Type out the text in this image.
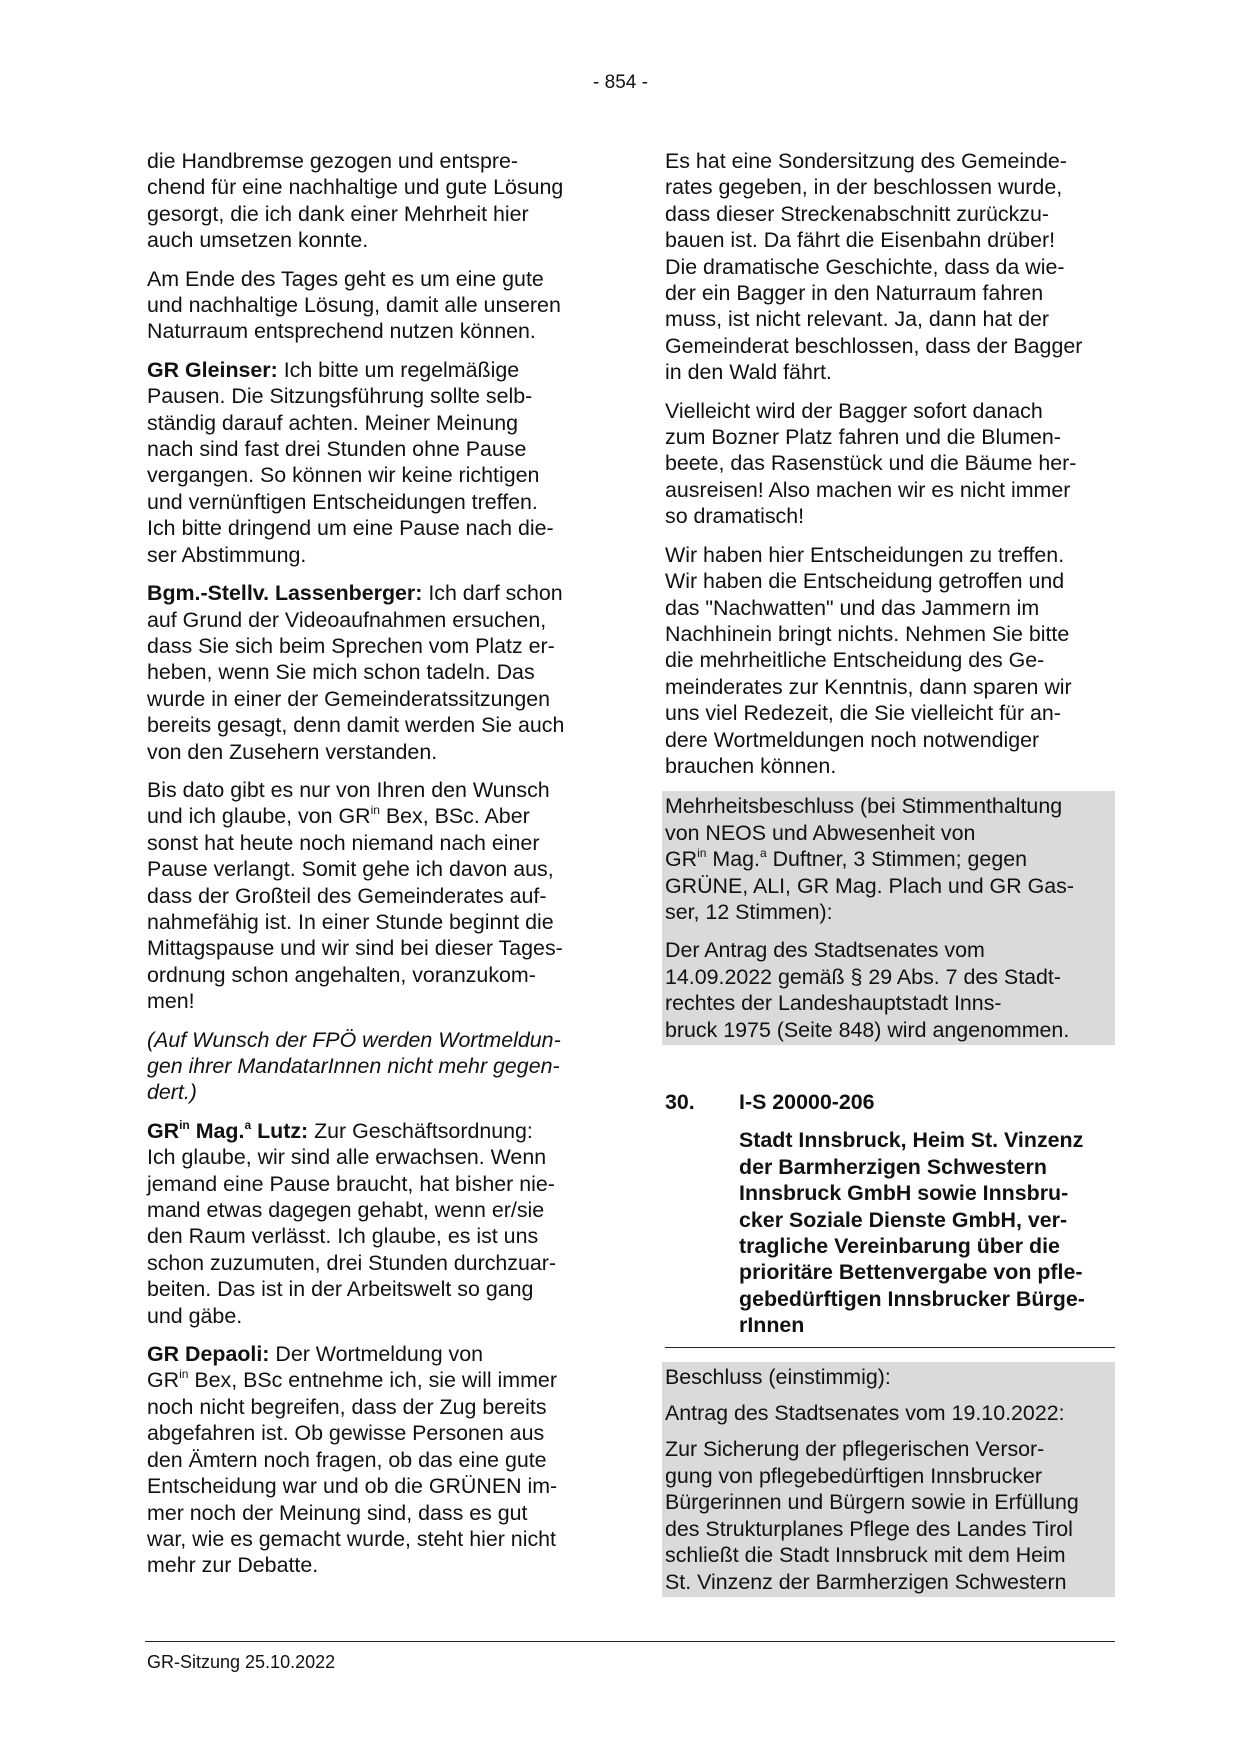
- 854 -

die Handbremse gezogen und entspre-
chend für eine nachhaltige und gute Lösung
gesorgt, die ich dank einer Mehrheit hier
auch umsetzen konnte.

Am Ende des Tages geht es um eine gute
und nachhaltige Lösung, damit alle unseren
Naturraum entsprechend nutzen können.

GR Gleinser: Ich bitte um regelmäßige
Pausen. Die Sitzungsführung sollte selb-
ständig darauf achten. Meiner Meinung
nach sind fast drei Stunden ohne Pause
vergangen. So können wir keine richtigen
und vernünftigen Entscheidungen treffen.
Ich bitte dringend um eine Pause nach die-
ser Abstimmung.

Bgm.-Stellv. Lassenberger: Ich darf schon
auf Grund der Videoaufnahmen ersuchen,
dass Sie sich beim Sprechen vom Platz er-
heben, wenn Sie mich schon tadeln. Das
wurde in einer der Gemeinderatssitzungen
bereits gesagt, denn damit werden Sie auch
von den Zusehern verstanden.

Bis dato gibt es nur von Ihren den Wunsch
und ich glaube, von $GR^{in}$ Bex, BSc. Aber
sonst hat heute noch niemand nach einer
Pause verlangt. Somit gehe ich davon aus,
dass der Großteil des Gemeinderates auf-
nahmefähig ist. In einer Stunde beginnt die
Mittagspause und wir sind bei dieser Tages-
ordnung schon angehalten, voranzukom-
men!

(Auf Wunsch der FPÖ werden Wortmeldun-
gen ihrer MandatarInnen nicht mehr gegen-
dert.)

$GR^{in}$ Mag.$^a$ Lutz: Zur Geschäftsordnung:
Ich glaube, wir sind alle erwachsen. Wenn
jemand eine Pause braucht, hat bisher nie-
mand etwas dagegen gehabt, wenn er/sie
den Raum verlässt. Ich glaube, es ist uns
schon zuzumuten, drei Stunden durchzuar-
beiten. Das ist in der Arbeitswelt so gang
und gäbe.

GR Depaoli: Der Wortmeldung von
$GR^{in}$ Bex, BSc entnehme ich, sie will immer
noch nicht begreifen, dass der Zug bereits
abgefahren ist. Ob gewisse Personen aus
den Ämtern noch fragen, ob das eine gute
Entscheidung war und ob die GRÜNEN im-
mer noch der Meinung sind, dass es gut
war, wie es gemacht wurde, steht hier nicht
mehr zur Debatte.

Es hat eine Sondersitzung des Gemeinde-
rates gegeben, in der beschlossen wurde,
dass dieser Streckenabschnitt zurückzu-
bauen ist. Da fährt die Eisenbahn drüber!
Die dramatische Geschichte, dass da wie-
der ein Bagger in den Naturraum fahren
muss, ist nicht relevant. Ja, dann hat der
Gemeinderat beschlossen, dass der Bagger
in den Wald fährt.

Vielleicht wird der Bagger sofort danach
zum Bozner Platz fahren und die Blumen-
beete, das Rasenstück und die Bäume her-
ausreisen! Also machen wir es nicht immer
so dramatisch!

Wir haben hier Entscheidungen zu treffen.
Wir haben die Entscheidung getroffen und
das "Nachwatten" und das Jammern im
Nachhinein bringt nichts. Nehmen Sie bitte
die mehrheitliche Entscheidung des Ge-
meinderates zur Kenntnis, dann sparen wir
uns viel Redezeit, die Sie vielleicht für an-
dere Wortmeldungen noch notwendiger
brauchen können.

Mehrheitsbeschluss (bei Stimmenthaltung
von NEOS und Abwesenheit von
$GR^{in}$ Mag.$^a$ Duftner, 3 Stimmen; gegen
GRÜNE, ALI, GR Mag. Plach und GR Gas-
ser, 12 Stimmen):

Der Antrag des Stadtsenates vom
14.09.2022 gemäß § 29 Abs. 7 des Stadt-
rechtes der Landeshauptstadt Inns-
bruck 1975 (Seite 848) wird angenommen.

30.	I-S 20000-206
Stadt Innsbruck, Heim St. Vinzenz
der Barmherzigen Schwestern
Innsbruck GmbH sowie Innsbru-
cker Soziale Dienste GmbH, ver-
tragliche Vereinbarung über die
prioritäre Bettenvergabe von pfle-
gebedürftigen Innsbrucker Bürge-
rInnen

Beschluss (einstimmig):

Antrag des Stadtsenates vom 19.10.2022:

Zur Sicherung der pflegerischen Versor-
gung von pflegebedürftigen Innsbrucker
Bürgerinnen und Bürgern sowie in Erfüllung
des Strukturplanes Pflege des Landes Tirol
schließt die Stadt Innsbruck mit dem Heim
St. Vinzenz der Barmherzigen Schwestern

GR-Sitzung 25.10.2022
